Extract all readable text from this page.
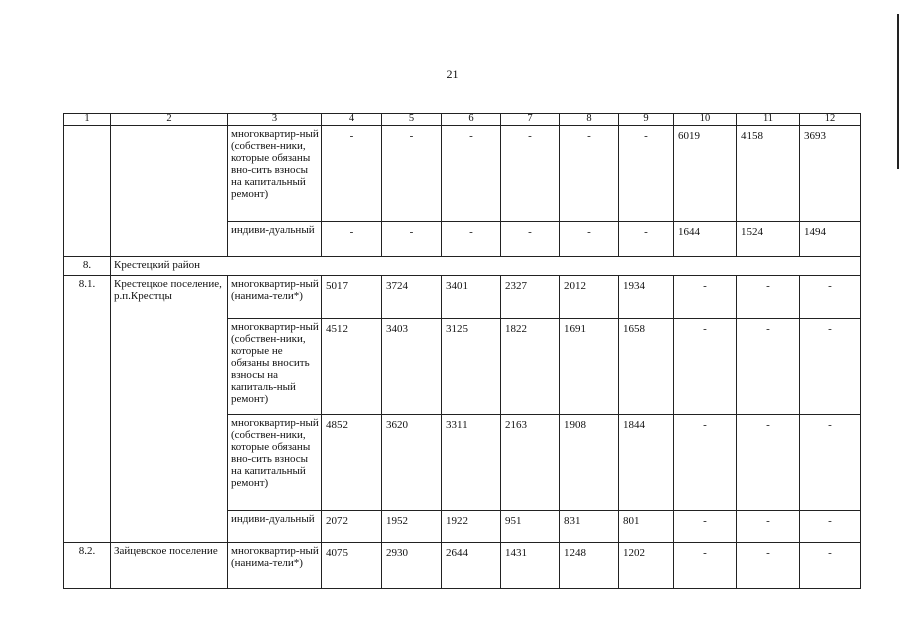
21
1	2	3	4	5	6	7	8	9	10	11	12
		многоквартир-ный (собствен-ники, которые обязаны вно-сить взносы на капитальный ремонт)	-	-	-	-	-	-	6019	4158	3693
		индиви-дуальный	-	-	-	-	-	-	1644	1524	1494
8.	Крестецкий район										
8.1.	Крестецкое поселение, р.п.Крестцы	многоквартир-ный (нанима-тели*)	5017	3724	3401	2327	2012	1934	-	-	-
		многоквартир-ный (собствен-ники, которые не обязаны вносить взносы на капиталь-ный ремонт)	4512	3403	3125	1822	1691	1658	-	-	-
		многоквартир-ный (собствен-ники, которые обязаны вно-сить взносы на капитальный ремонт)	4852	3620	3311	2163	1908	1844	-	-	-
		индиви-дуальный	2072	1952	1922	951	831	801	-	-	-
8.2.	Зайцевское поселение	многоквартир-ный (нанима-тели*)	4075	2930	2644	1431	1248	1202	-	-	-
